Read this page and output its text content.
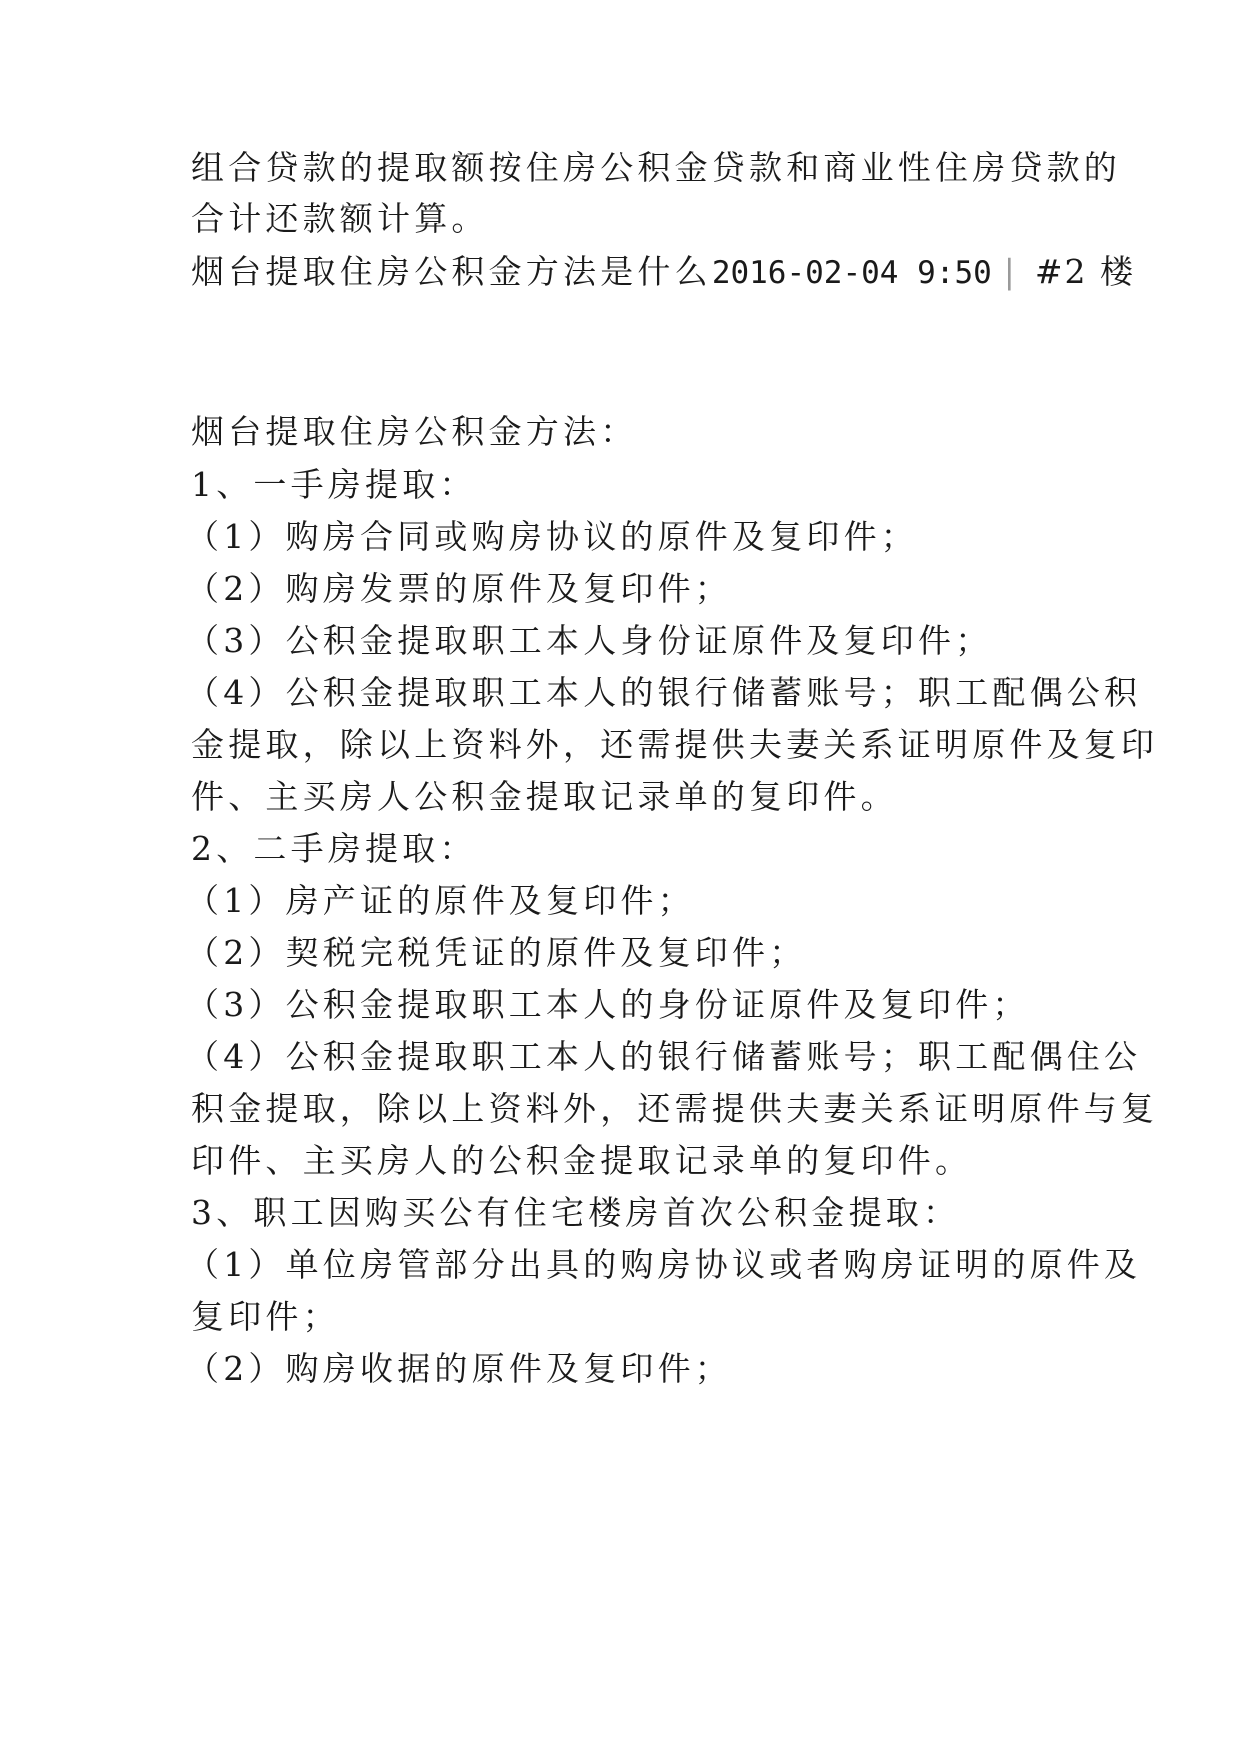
组合贷款的提取额按住房公积金贷款和商业性住房贷款的
合计还款额计算。
烟台提取住房公积金方法是什么2016-02-04 9:50 | #2 楼
烟台提取住房公积金方法：
1、一手房提取：
（1）购房合同或购房协议的原件及复印件；
（2）购房发票的原件及复印件；
（3）公积金提取职工本人身份证原件及复印件；
（4）公积金提取职工本人的银行储蓄账号；职工配偶公积
金提取，除以上资料外，还需提供夫妻关系证明原件及复印
件、主买房人公积金提取记录单的复印件。
2、二手房提取：
（1）房产证的原件及复印件；
（2）契税完税凭证的原件及复印件；
（3）公积金提取职工本人的身份证原件及复印件；
（4）公积金提取职工本人的银行储蓄账号；职工配偶住公
积金提取，除以上资料外，还需提供夫妻关系证明原件与复
印件、主买房人的公积金提取记录单的复印件。
3、职工因购买公有住宅楼房首次公积金提取：
（1）单位房管部分出具的购房协议或者购房证明的原件及
复印件；
（2）购房收据的原件及复印件；
